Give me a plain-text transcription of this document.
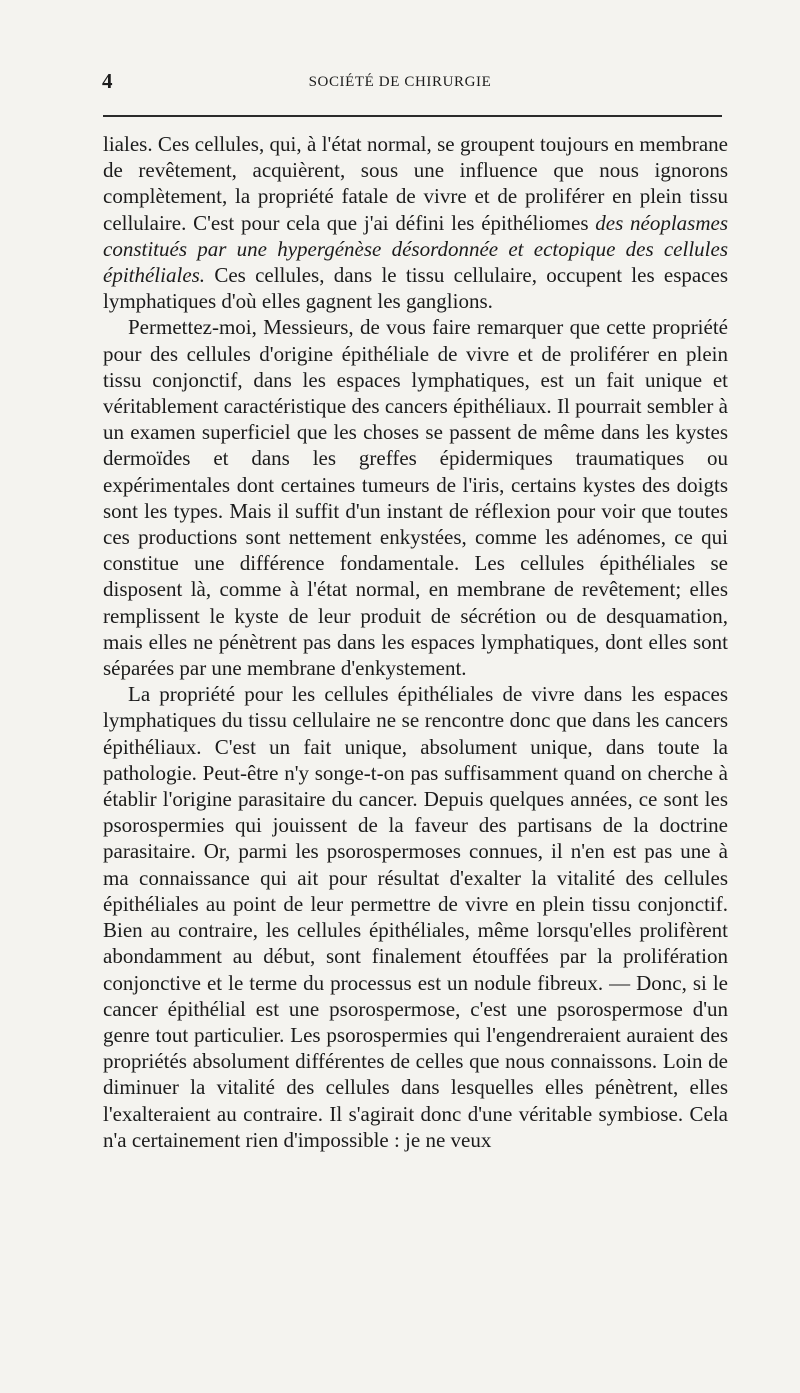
4	SOCIÉTÉ DE CHIRURGIE

liales. Ces cellules, qui, à l'état normal, se groupent toujours en membrane de revêtement, acquièrent, sous une influence que nous ignorons complètement, la propriété fatale de vivre et de proliférer en plein tissu cellulaire. C'est pour cela que j'ai défini les épithéliomes des néoplasmes constitués par une hypergénèse désordonnée et ectopique des cellules épithéliales. Ces cellules, dans le tissu cellulaire, occupent les espaces lymphatiques d'où elles gagnent les ganglions.

Permettez-moi, Messieurs, de vous faire remarquer que cette propriété pour des cellules d'origine épithéliale de vivre et de proliférer en plein tissu conjonctif, dans les espaces lymphatiques, est un fait unique et véritablement caractéristique des cancers épithéliaux. Il pourrait sembler à un examen superficiel que les choses se passent de même dans les kystes dermoïdes et dans les greffes épidermiques traumatiques ou expérimentales dont certaines tumeurs de l'iris, certains kystes des doigts sont les types. Mais il suffit d'un instant de réflexion pour voir que toutes ces productions sont nettement enkystées, comme les adénomes, ce qui constitue une différence fondamentale. Les cellules épithéliales se disposent là, comme à l'état normal, en membrane de revêtement; elles remplissent le kyste de leur produit de sécrétion ou de desquamation, mais elles ne pénètrent pas dans les espaces lymphatiques, dont elles sont séparées par une membrane d'enkystement.

La propriété pour les cellules épithéliales de vivre dans les espaces lymphatiques du tissu cellulaire ne se rencontre donc que dans les cancers épithéliaux. C'est un fait unique, absolument unique, dans toute la pathologie. Peut-être n'y songe-t-on pas suffisamment quand on cherche à établir l'origine parasitaire du cancer. Depuis quelques années, ce sont les psorospermies qui jouissent de la faveur des partisans de la doctrine parasitaire. Or, parmi les psorospermoses connues, il n'en est pas une à ma connaissance qui ait pour résultat d'exalter la vitalité des cellules épithéliales au point de leur permettre de vivre en plein tissu conjonctif. Bien au contraire, les cellules épithéliales, même lorsqu'elles prolifèrent abondamment au début, sont finalement étouffées par la prolifération conjonctive et le terme du processus est un nodule fibreux. — Donc, si le cancer épithélial est une psorospermose, c'est une psorospermose d'un genre tout particulier. Les psorospermies qui l'engendreraient auraient des propriétés absolument différentes de celles que nous connaissons. Loin de diminuer la vitalité des cellules dans lesquelles elles pénètrent, elles l'exalteraient au contraire. Il s'agirait donc d'une véritable symbiose. Cela n'a certainement rien d'impossible : je ne veux
